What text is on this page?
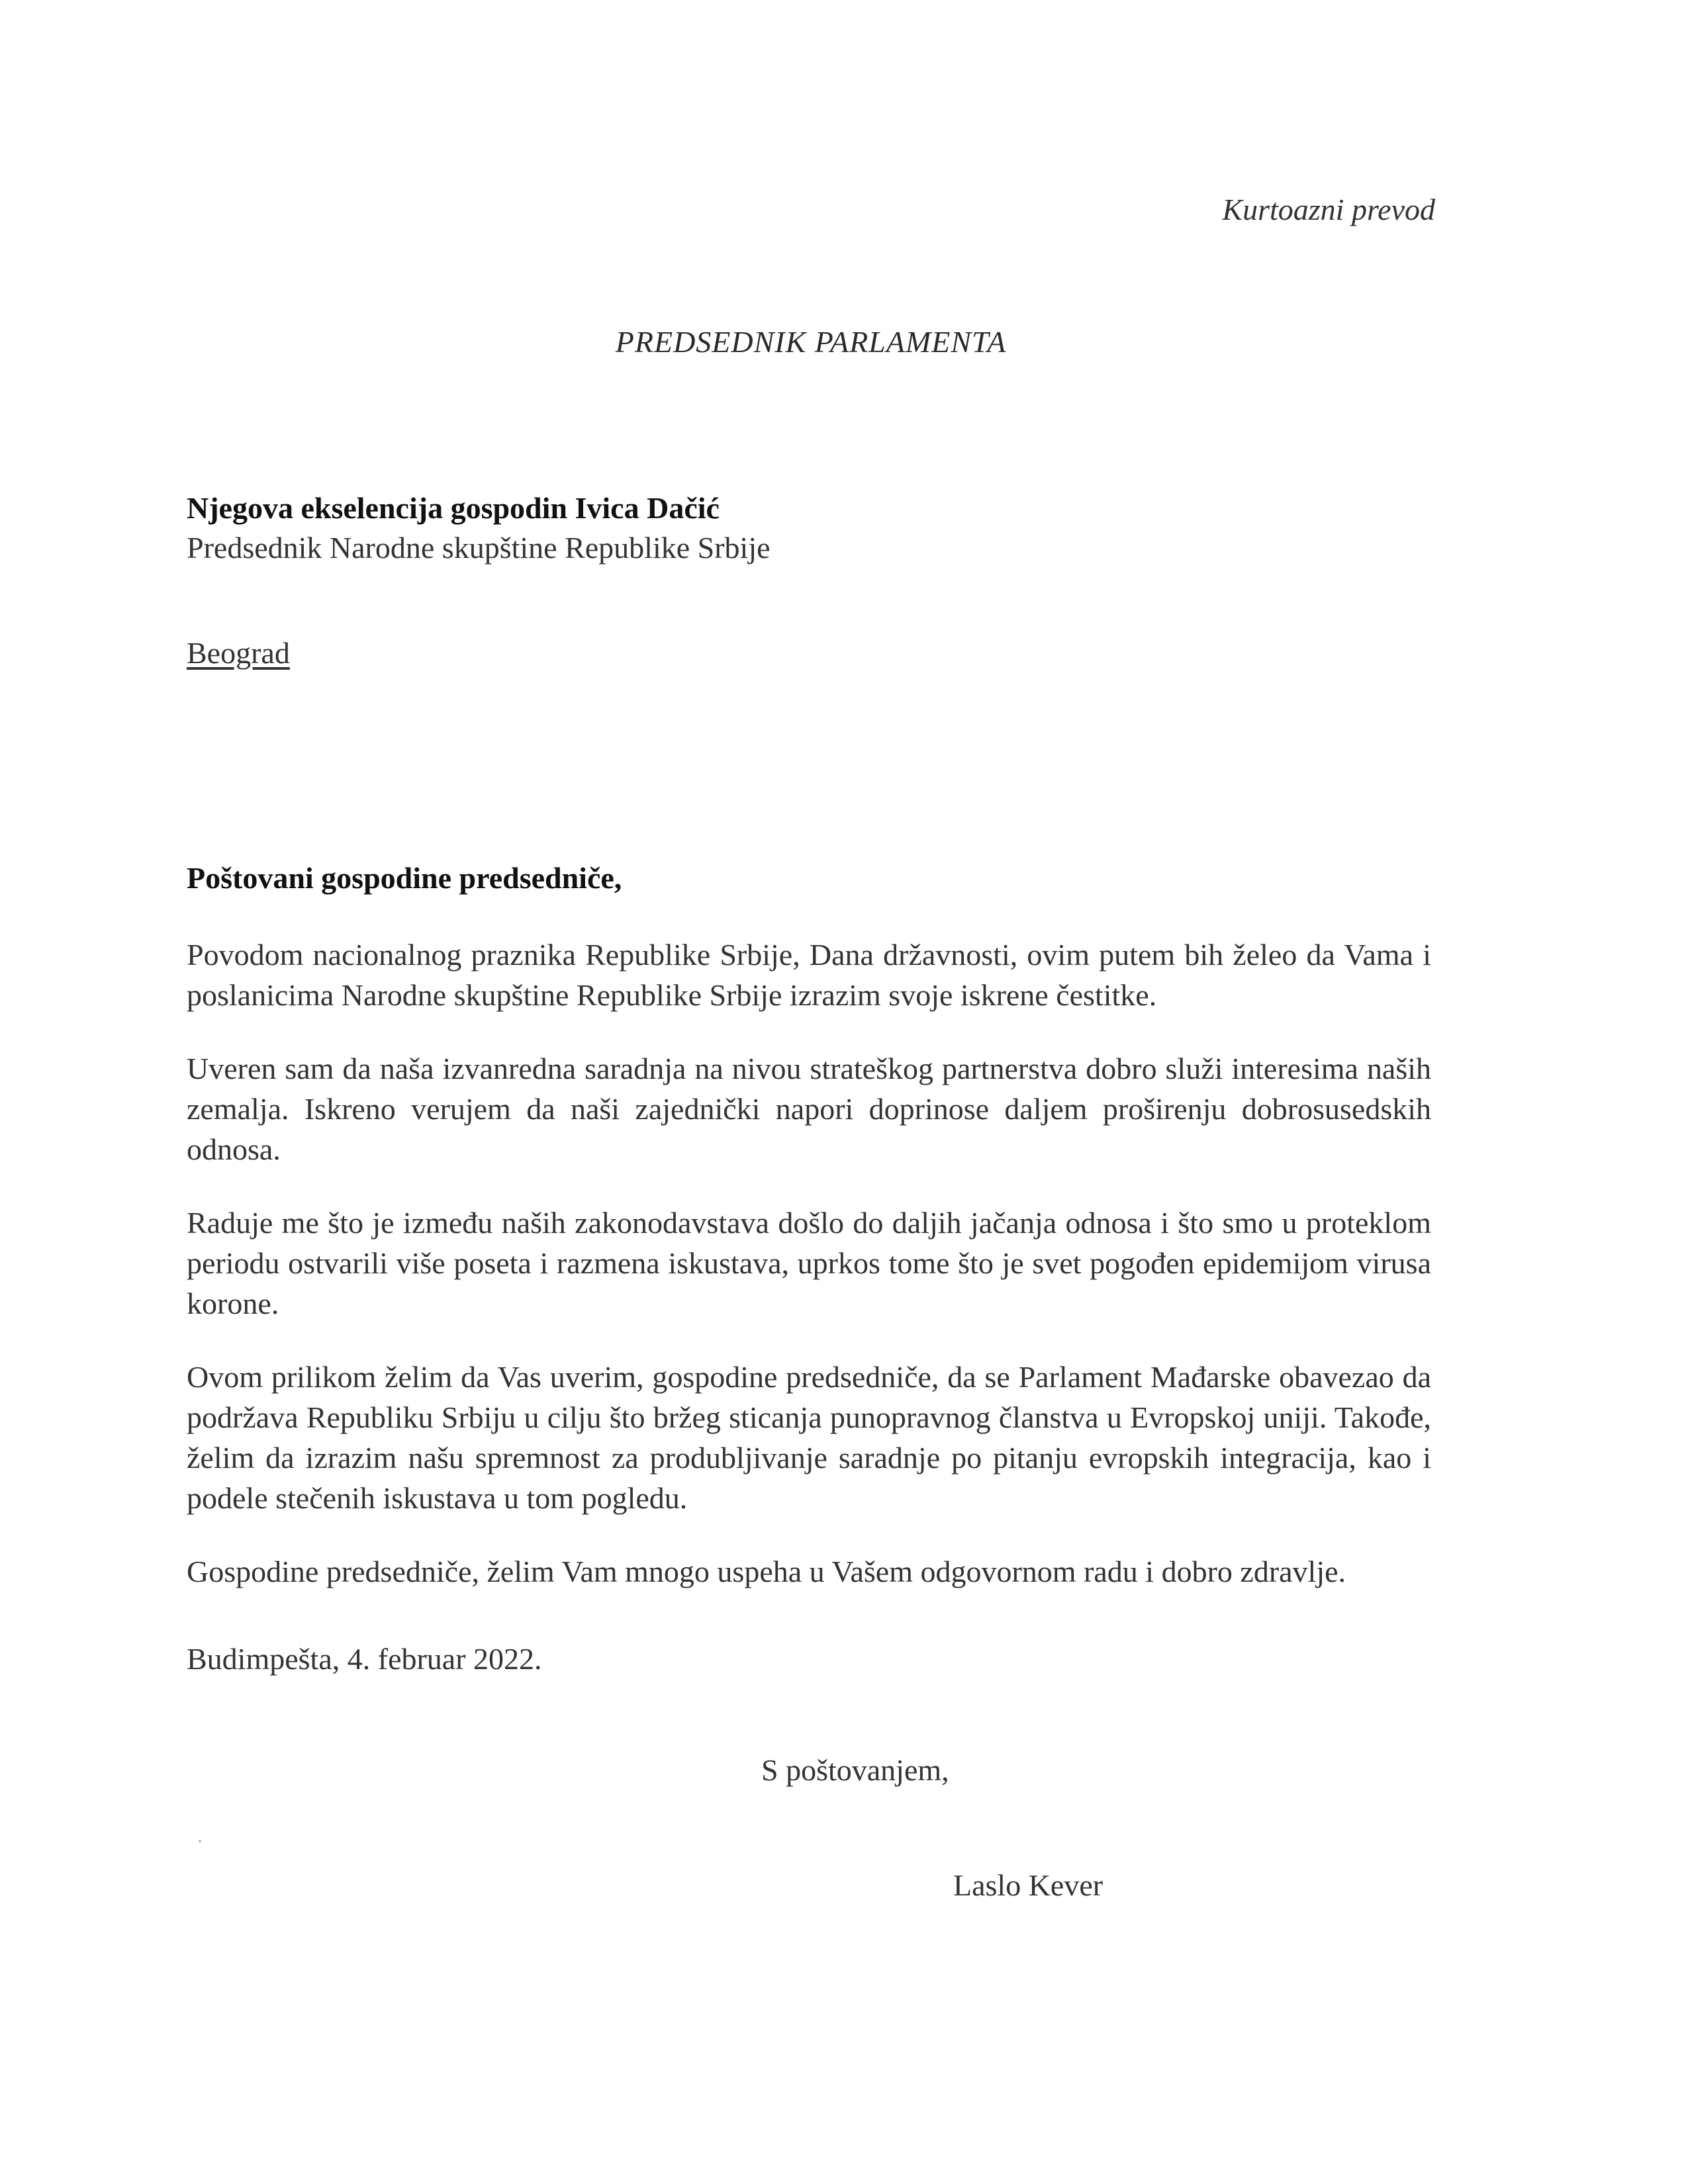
Kurtoazni prevod
PREDSEDNIK PARLAMENTA
Njegova ekselencija gospodin Ivica Dačić
Predsednik Narodne skupštine Republike Srbije
Beograd
Poštovani gospodine predsedniče,

Povodom nacionalnog praznika Republike Srbije, Dana državnosti, ovim putem bih želeo da Vama i poslanicima Narodne skupštine Republike Srbije izrazim svoje iskrene čestitke.

Uveren sam da naša izvanredna saradnja na nivou strateškog partnerstva dobro služi interesima naših zemalja. Iskreno verujem da naši zajednički napori doprinose daljem proširenju dobrosusedskih odnosa.

Raduje me što je između naših zakonodavstava došlo do daljih jačanja odnosa i što smo u proteklom periodu ostvarili više poseta i razmena iskustava, uprkos tome što je svet pogođen epidemijom virusa korone.

Ovom prilikom želim da Vas uverim, gospodine predsedniče, da se Parlament Mađarske obavezao da podržava Republiku Srbiju u cilju što bržeg sticanja punopravnog članstva u Evropskoj uniji. Takođe, želim da izrazim našu spremnost za produbljivanje saradnje po pitanju evropskih integracija, kao i podele stečenih iskustava u tom pogledu.

Gospodine predsedniče, želim Vam mnogo uspeha u Vašem odgovornom radu i dobro zdravlje.

Budimpešta, 4. februar 2022.
S poštovanjem,
Laslo Kever
